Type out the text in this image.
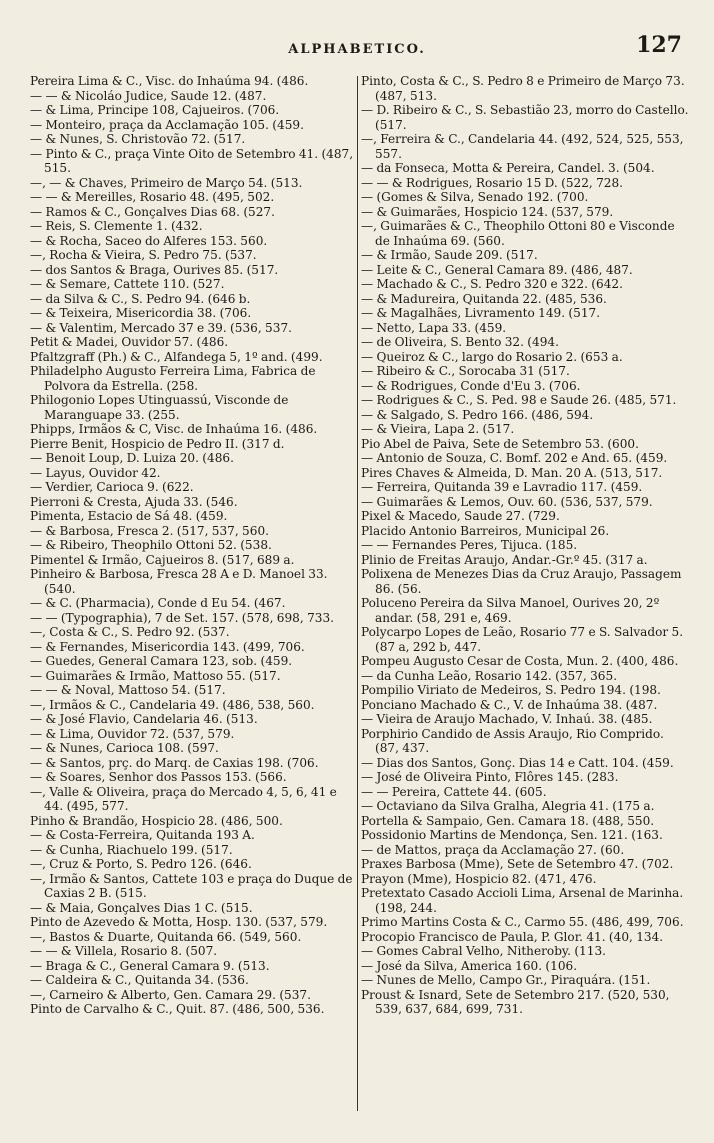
ALPHABETICO.	127

Pereira Lima & C., Visc. do Inhaúma 94. (486.

— — & Nicoláo Judice, Saude 12. (487.

— & Lima, Principe 108, Cajueiros. (706.

— Monteiro, praça da Acclamação 105. (459.

— & Nunes, S. Christovão 72. (517.

— Pinto & C., praça Vinte Oito de Setembro 41. (487, 515.

—, — & Chaves, Primeiro de Março 54. (513.

— — & Mereilles, Rosario 48. (495, 502.

— Ramos & C., Gonçalves Dias 68. (527.

— Reis, S. Clemente 1. (432.

— & Rocha, Saceo do Alferes 153. 560.

—, Rocha & Vieira, S. Pedro 75. (537.

— dos Santos & Braga, Ourives 85. (517.

— & Semare, Cattete 110. (527.

— da Silva & C., S. Pedro 94. (646 b.

— & Teixeira, Misericordia 38. (706.

— & Valentim, Mercado 37 e 39. (536, 537.

Petit & Madei, Ouvidor 57. (486.

Pfaltzgraff (Ph.) & C., Alfandega 5, 1º and. (499.

Philadelpho Augusto Ferreira Lima, Fabrica de Polvora da Estrella. (258.

Philogonio Lopes Utinguassú, Visconde de Maranguape 33. (255.

Phipps, Irmãos & C, Visc. de Inhaúma 16. (486.

Pierre Benit, Hospicio de Pedro II. (317 d.

— Benoit Loup, D. Luiza 20. (486.

— Layus, Ouvidor 42.

— Verdier, Carioca 9. (622.

Pierroni & Cresta, Ajuda 33. (546.

Pimenta, Estacio de Sá 48. (459.

— & Barbosa, Fresca 2. (517, 537, 560.

— & Ribeiro, Theophilo Ottoni 52. (538.

Pimentel & Irmão, Cajueiros 8. (517, 689 a.

Pinheiro & Barbosa, Fresca 28 A e D. Manoel 33. (540.

— & C. (Pharmacia), Conde d Eu 54. (467.

— — (Typographia), 7 de Set. 157. (578, 698, 733.

—, Costa & C., S. Pedro 92. (537.

— & Fernandes, Misericordia 143. (499, 706.

— Guedes, General Camara 123, sob. (459.

— Guimarães & Irmão, Mattoso 55. (517.

— — & Noval, Mattoso 54. (517.

—, Irmãos & C., Candelaria 49. (486, 538, 560.

— & José Flavio, Candelaria 46. (513.

— & Lima, Ouvidor 72. (537, 579.

— & Nunes, Carioca 108. (597.

— & Santos, prç. do Marq. de Caxias 198. (706.

— & Soares, Senhor dos Passos 153. (566.

—, Valle & Oliveira, praça do Mercado 4, 5, 6, 41 e 44. (495, 577.

Pinho & Brandão, Hospicio 28. (486, 500.

— & Costa-Ferreira, Quitanda 193 A.

— & Cunha, Riachuelo 199. (517.

—, Cruz & Porto, S. Pedro 126. (646.

—, Irmão & Santos, Cattete 103 e praça do Duque de Caxias 2 B. (515.

— & Maia, Gonçalves Dias 1 C. (515.

Pinto de Azevedo & Motta, Hosp. 130. (537, 579.

—, Bastos & Duarte, Quitanda 66. (549, 560.

— — & Villela, Rosario 8. (507.

— Braga & C., General Camara 9. (513.

— Caldeira & C., Quitanda 34. (536.

—, Carneiro & Alberto, Gen. Camara 29. (537.

Pinto de Carvalho & C., Quit. 87. (486, 500, 536.

Pinto, Costa & C., S. Pedro 8 e Primeiro de Março 73. (487, 513.

— D. Ribeiro & C., S. Sebastião 23, morro do Castello. (517.

—, Ferreira & C., Candelaria 44. (492, 524, 525, 553, 557.

— da Fonseca, Motta & Pereira, Candel. 3. (504.

— — & Rodrigues, Rosario 15 D. (522, 728.

— (Gomes & Silva, Senado 192. (700.

— & Guimarães, Hospicio 124. (537, 579.

—, Guimarães & C., Theophilo Ottoni 80 e Visconde de Inhaúma 69. (560.

— & Irmão, Saude 209. (517.

— Leite & C., General Camara 89. (486, 487.

— Machado & C., S. Pedro 320 e 322. (642.

— & Madureira, Quitanda 22. (485, 536.

— & Magalhães, Livramento 149. (517.

— Netto, Lapa 33. (459.

— de Oliveira, S. Bento 32. (494.

— Queiroz & C., largo do Rosario 2. (653 a.

— Ribeiro & C., Sorocaba 31 (517.

— & Rodrigues, Conde d'Eu 3. (706.

— Rodrigues & C., S. Ped. 98 e Saude 26. (485, 571.

— & Salgado, S. Pedro 166. (486, 594.

— & Vieira, Lapa 2. (517.

Pio Abel de Paiva, Sete de Setembro 53. (600.

— Antonio de Souza, C. Bomf. 202 e And. 65. (459.

Pires Chaves & Almeida, D. Man. 20 A. (513, 517.

— Ferreira, Quitanda 39 e Lavradio 117. (459.

— Guimarães & Lemos, Ouv. 60. (536, 537, 579.

Pixel & Macedo, Saude 27. (729.

Placido Antonio Barreiros, Municipal 26.

— — Fernandes Peres, Tijuca. (185.

Plinio de Freitas Araujo, Andar.-Gr.º 45. (317 a.

Polixena de Menezes Dias da Cruz Araujo, Passagem 86. (56.

Poluceno Pereira da Silva Manoel, Ourives 20, 2º andar. (58, 291 e, 469.

Polycarpo Lopes de Leão, Rosario 77 e S. Salvador 5. (87 a, 292 b, 447.

Pompeu Augusto Cesar de Costa, Mun. 2. (400, 486.

— da Cunha Leão, Rosario 142. (357, 365.

Pompilio Viriato de Medeiros, S. Pedro 194. (198.

Ponciano Machado & C., V. de Inhaúma 38. (487.

— Vieira de Araujo Machado, V. Inhaú. 38. (485.

Porphirio Candido de Assis Araujo, Rio Comprido. (87, 437.

— Dias dos Santos, Gonç. Dias 14 e Catt. 104. (459.

— José de Oliveira Pinto, Flôres 145. (283.

— — Pereira, Cattete 44. (605.

— Octaviano da Silva Gralha, Alegria 41. (175 a.

Portella & Sampaio, Gen. Camara 18. (488, 550.

Possidonio Martins de Mendonça, Sen. 121. (163.

— de Mattos, praça da Acclamação 27. (60.

Praxes Barbosa (Mme), Sete de Setembro 47. (702.

Prayon (Mme), Hospicio 82. (471, 476.

Pretextato Casado Accioli Lima, Arsenal de Marinha. (198, 244.

Primo Martins Costa & C., Carmo 55. (486, 499, 706.

Procopio Francisco de Paula, P. Glor. 41. (40, 134.

— Gomes Cabral Velho, Nitheroby. (113.

— José da Silva, America 160. (106.

— Nunes de Mello, Campo Gr., Piraquára. (151.

Proust & Isnard, Sete de Setembro 217. (520, 530, 539, 637, 684, 699, 731.
